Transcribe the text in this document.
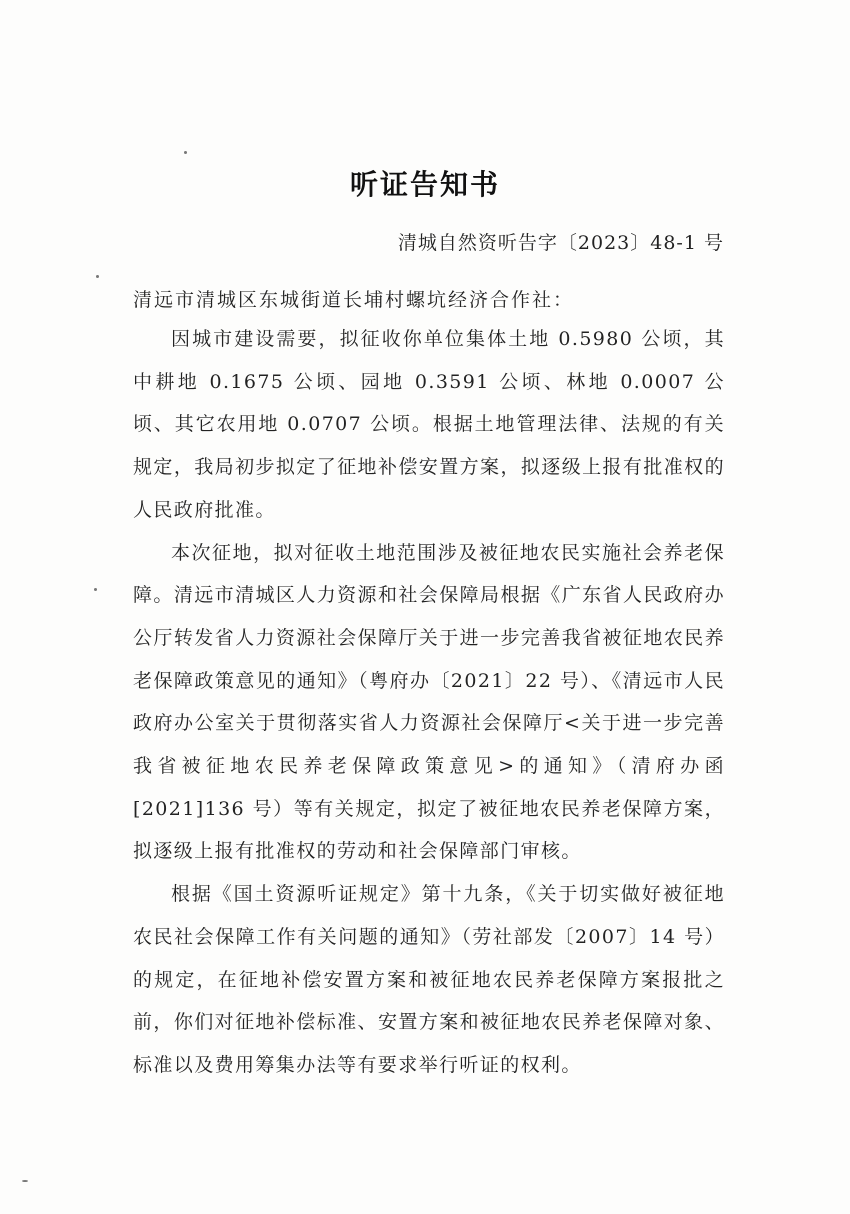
听证告知书
清城自然资听告字〔2023〕48-1 号
清远市清城区东城街道长埔村螺坑经济合作社：

因城市建设需要，拟征收你单位集体土地 0.5980 公顷，其中耕地 0.1675 公顷、园地 0.3591 公顷、林地 0.0007 公顷、其它农用地 0.0707 公顷。根据土地管理法律、法规的有关规定，我局初步拟定了征地补偿安置方案，拟逐级上报有批准权的人民政府批准。

本次征地，拟对征收土地范围涉及被征地农民实施社会养老保障。清远市清城区人力资源和社会保障局根据《广东省人民政府办公厅转发省人力资源社会保障厅关于进一步完善我省被征地农民养老保障政策意见的通知》（粤府办〔2021〕22 号）、《清远市人民政府办公室关于贯彻落实省人力资源社会保障厅<关于进一步完善我省被征地农民养老保障政策意见>的通知》（清府办函[2021]136 号）等有关规定，拟定了被征地农民养老保障方案，拟逐级上报有批准权的劳动和社会保障部门审核。

根据《国土资源听证规定》第十九条，《关于切实做好被征地农民社会保障工作有关问题的通知》（劳社部发〔2007〕14 号）的规定，在征地补偿安置方案和被征地农民养老保障方案报批之前，你们对征地补偿标准、安置方案和被征地农民养老保障对象、标准以及费用筹集办法等有要求举行听证的权利。
